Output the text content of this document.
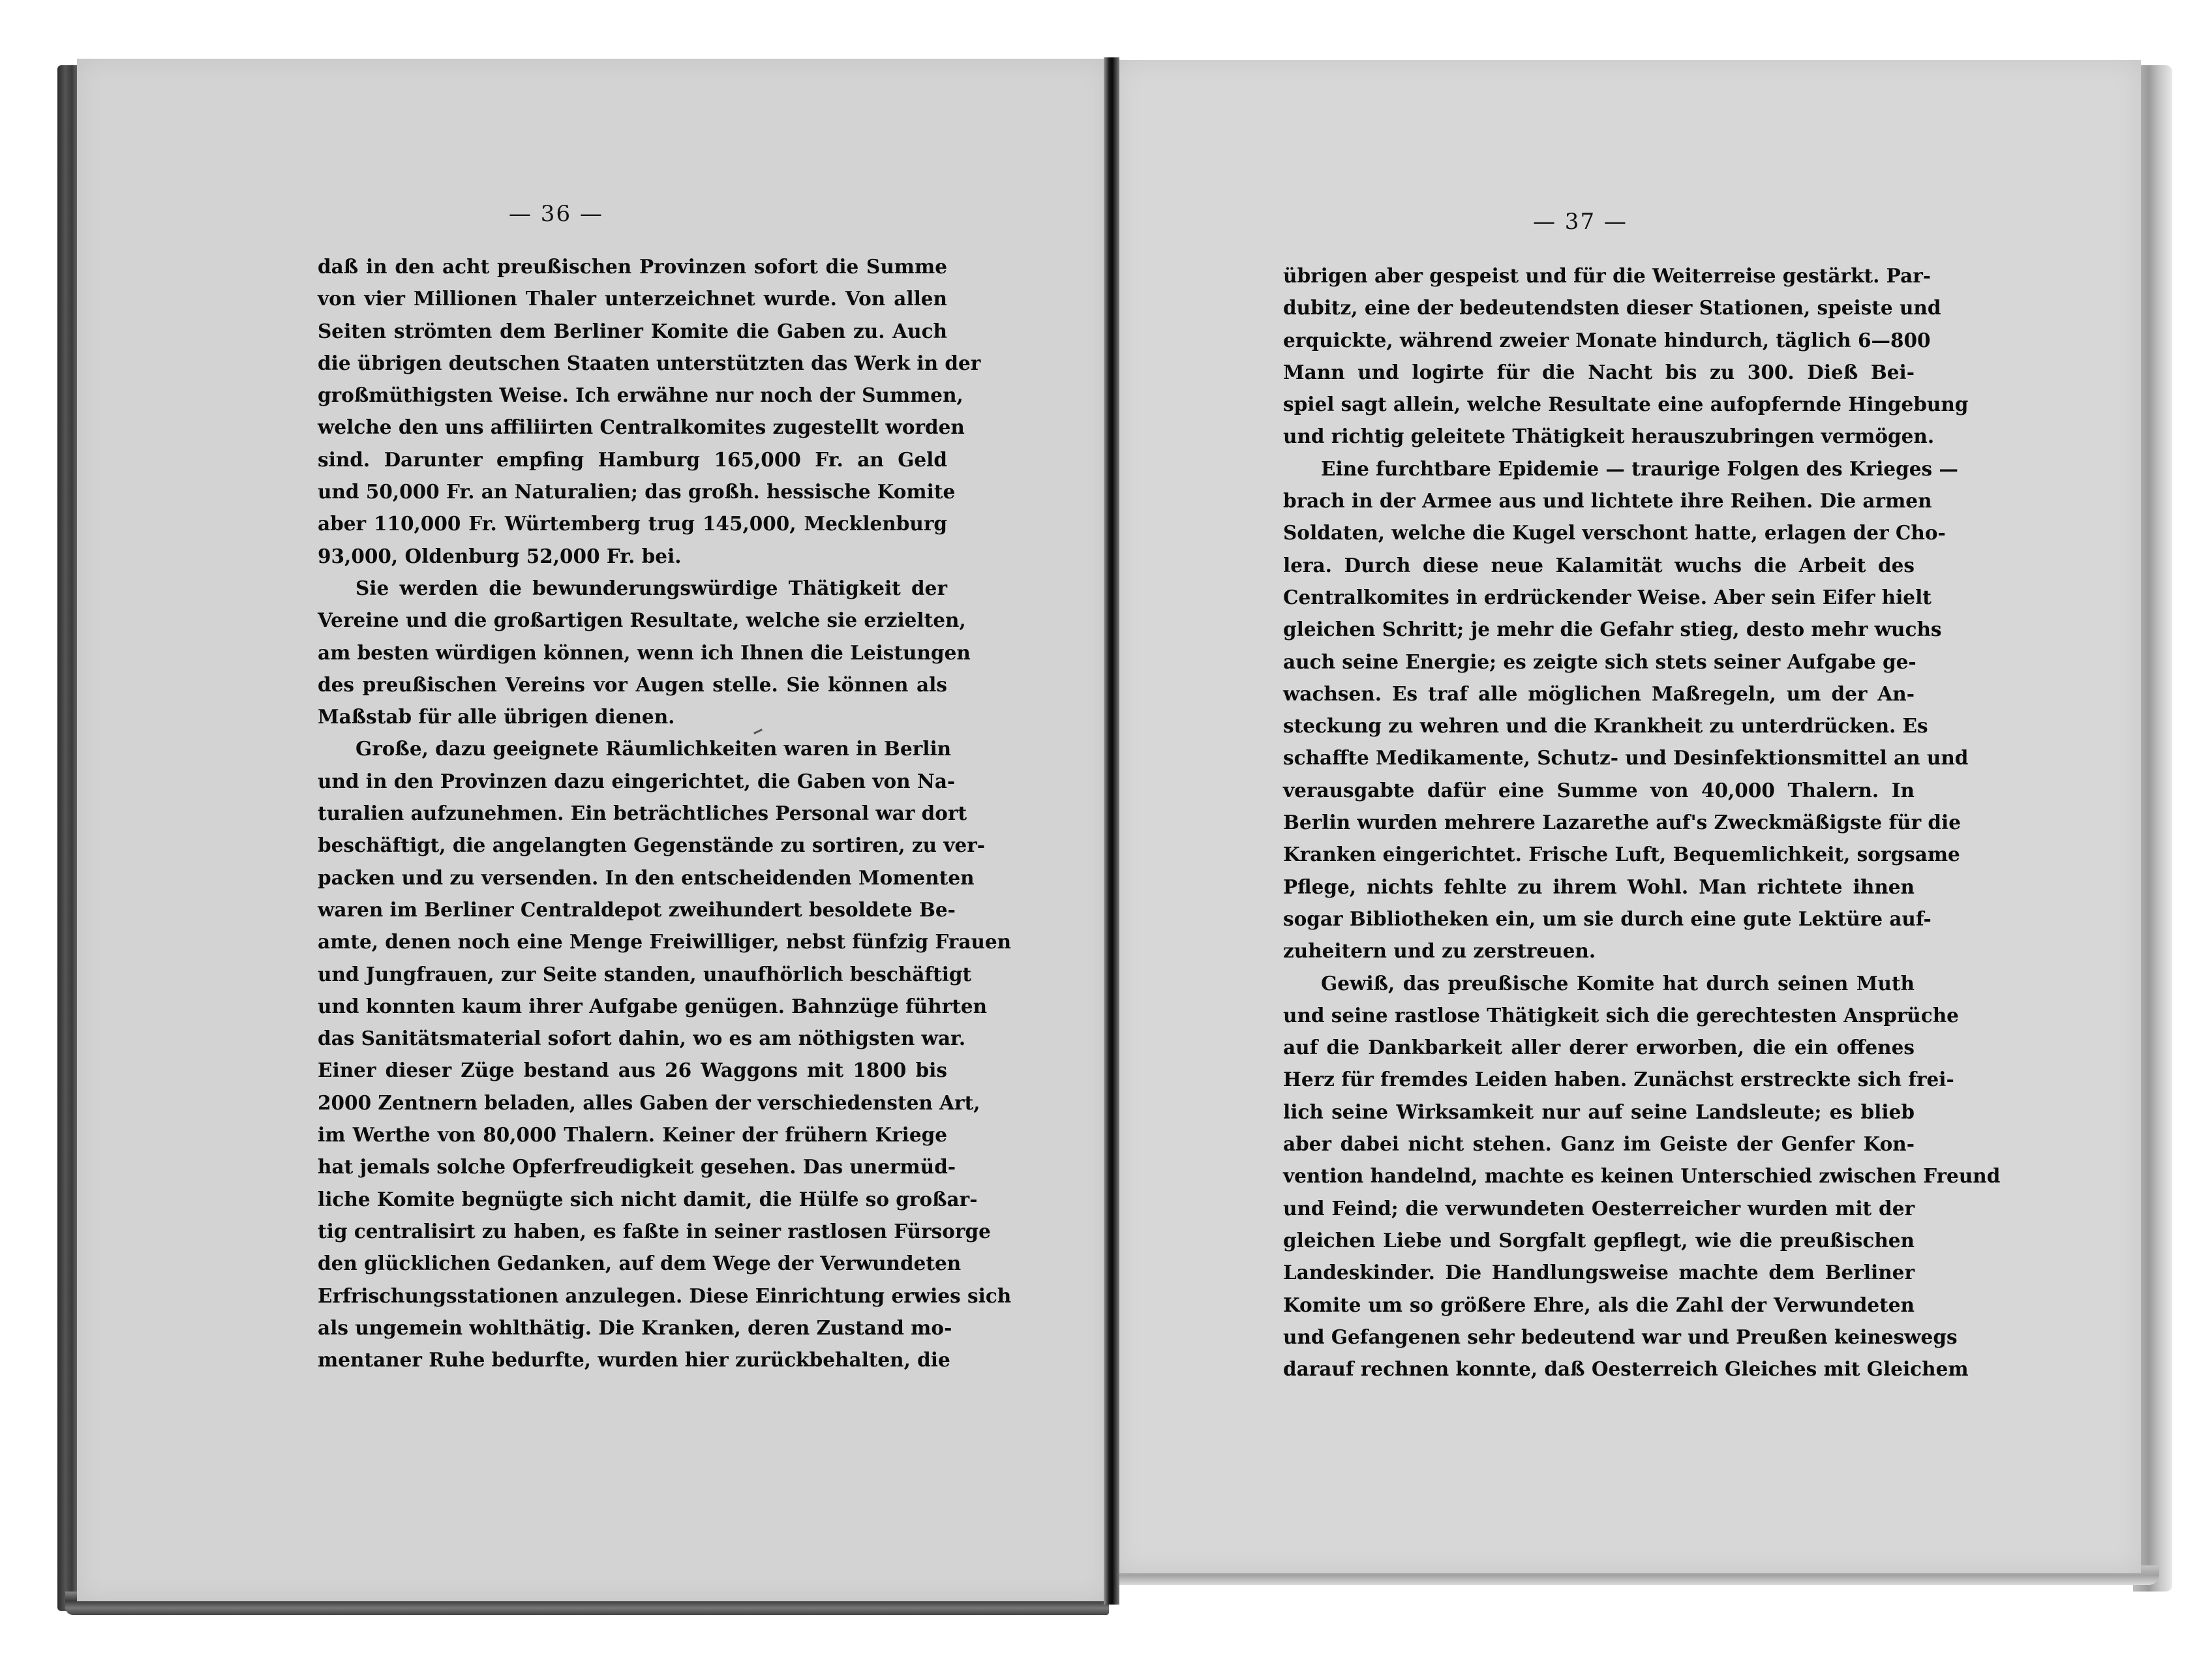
— 36 —	— 37 —
daß in den acht preußischen Provinzen sofort die Summe
von vier Millionen Thaler unterzeichnet wurde. Von allen
Seiten strömten dem Berliner Komite die Gaben zu. Auch
die übrigen deutschen Staaten unterstützten das Werk in der
großmüthigsten Weise. Ich erwähne nur noch der Summen,
welche den uns affiliirten Centralkomites zugestellt worden
sind. Darunter empfing Hamburg 165,000 Fr. an Geld
und 50,000 Fr. an Naturalien; das großh. hessische Komite
aber 110,000 Fr. Würtemberg trug 145,000, Mecklenburg
93,000, Oldenburg 52,000 Fr. bei.
Sie werden die bewunderungswürdige Thätigkeit der
Vereine und die großartigen Resultate, welche sie erzielten,
am besten würdigen können, wenn ich Ihnen die Leistungen
des preußischen Vereins vor Augen stelle. Sie können als
Maßstab für alle übrigen dienen.
Große, dazu geeignete Räumlichkeiten waren in Berlin
und in den Provinzen dazu eingerichtet, die Gaben von Na-
turalien aufzunehmen. Ein beträchtliches Personal war dort
beschäftigt, die angelangten Gegenstände zu sortiren, zu ver-
packen und zu versenden. In den entscheidenden Momenten
waren im Berliner Centraldepot zweihundert besoldete Be-
amte, denen noch eine Menge Freiwilliger, nebst fünfzig Frauen
und Jungfrauen, zur Seite standen, unaufhörlich beschäftigt
und konnten kaum ihrer Aufgabe genügen. Bahnzüge führten
das Sanitätsmaterial sofort dahin, wo es am nöthigsten war.
Einer dieser Züge bestand aus 26 Waggons mit 1800 bis
2000 Zentnern beladen, alles Gaben der verschiedensten Art,
im Werthe von 80,000 Thalern. Keiner der frühern Kriege
hat jemals solche Opferfreudigkeit gesehen. Das unermüd-
liche Komite begnügte sich nicht damit, die Hülfe so großar-
tig centralisirt zu haben, es faßte in seiner rastlosen Fürsorge
den glücklichen Gedanken, auf dem Wege der Verwundeten
Erfrischungsstationen anzulegen. Diese Einrichtung erwies sich
als ungemein wohlthätig. Die Kranken, deren Zustand mo-
mentaner Ruhe bedurfte, wurden hier zurückbehalten, die
übrigen aber gespeist und für die Weiterreise gestärkt. Par-
dubitz, eine der bedeutendsten dieser Stationen, speiste und
erquickte, während zweier Monate hindurch, täglich 6—800
Mann und logirte für die Nacht bis zu 300. Dieß Bei-
spiel sagt allein, welche Resultate eine aufopfernde Hingebung
und richtig geleitete Thätigkeit herauszubringen vermögen.
Eine furchtbare Epidemie — traurige Folgen des Krieges —
brach in der Armee aus und lichtete ihre Reihen. Die armen
Soldaten, welche die Kugel verschont hatte, erlagen der Cho-
lera. Durch diese neue Kalamität wuchs die Arbeit des
Centralkomites in erdrückender Weise. Aber sein Eifer hielt
gleichen Schritt; je mehr die Gefahr stieg, desto mehr wuchs
auch seine Energie; es zeigte sich stets seiner Aufgabe ge-
wachsen. Es traf alle möglichen Maßregeln, um der An-
steckung zu wehren und die Krankheit zu unterdrücken. Es
schaffte Medikamente, Schutz- und Desinfektionsmittel an und
verausgabte dafür eine Summe von 40,000 Thalern. In
Berlin wurden mehrere Lazarethe auf's Zweckmäßigste für die
Kranken eingerichtet. Frische Luft, Bequemlichkeit, sorgsame
Pflege, nichts fehlte zu ihrem Wohl. Man richtete ihnen
sogar Bibliotheken ein, um sie durch eine gute Lektüre auf-
zuheitern und zu zerstreuen.
Gewiß, das preußische Komite hat durch seinen Muth
und seine rastlose Thätigkeit sich die gerechtesten Ansprüche
auf die Dankbarkeit aller derer erworben, die ein offenes
Herz für fremdes Leiden haben. Zunächst erstreckte sich frei-
lich seine Wirksamkeit nur auf seine Landsleute; es blieb
aber dabei nicht stehen. Ganz im Geiste der Genfer Kon-
vention handelnd, machte es keinen Unterschied zwischen Freund
und Feind; die verwundeten Oesterreicher wurden mit der
gleichen Liebe und Sorgfalt gepflegt, wie die preußischen
Landeskinder. Die Handlungsweise machte dem Berliner
Komite um so größere Ehre, als die Zahl der Verwundeten
und Gefangenen sehr bedeutend war und Preußen keineswegs
darauf rechnen konnte, daß Oesterreich Gleiches mit Gleichem
